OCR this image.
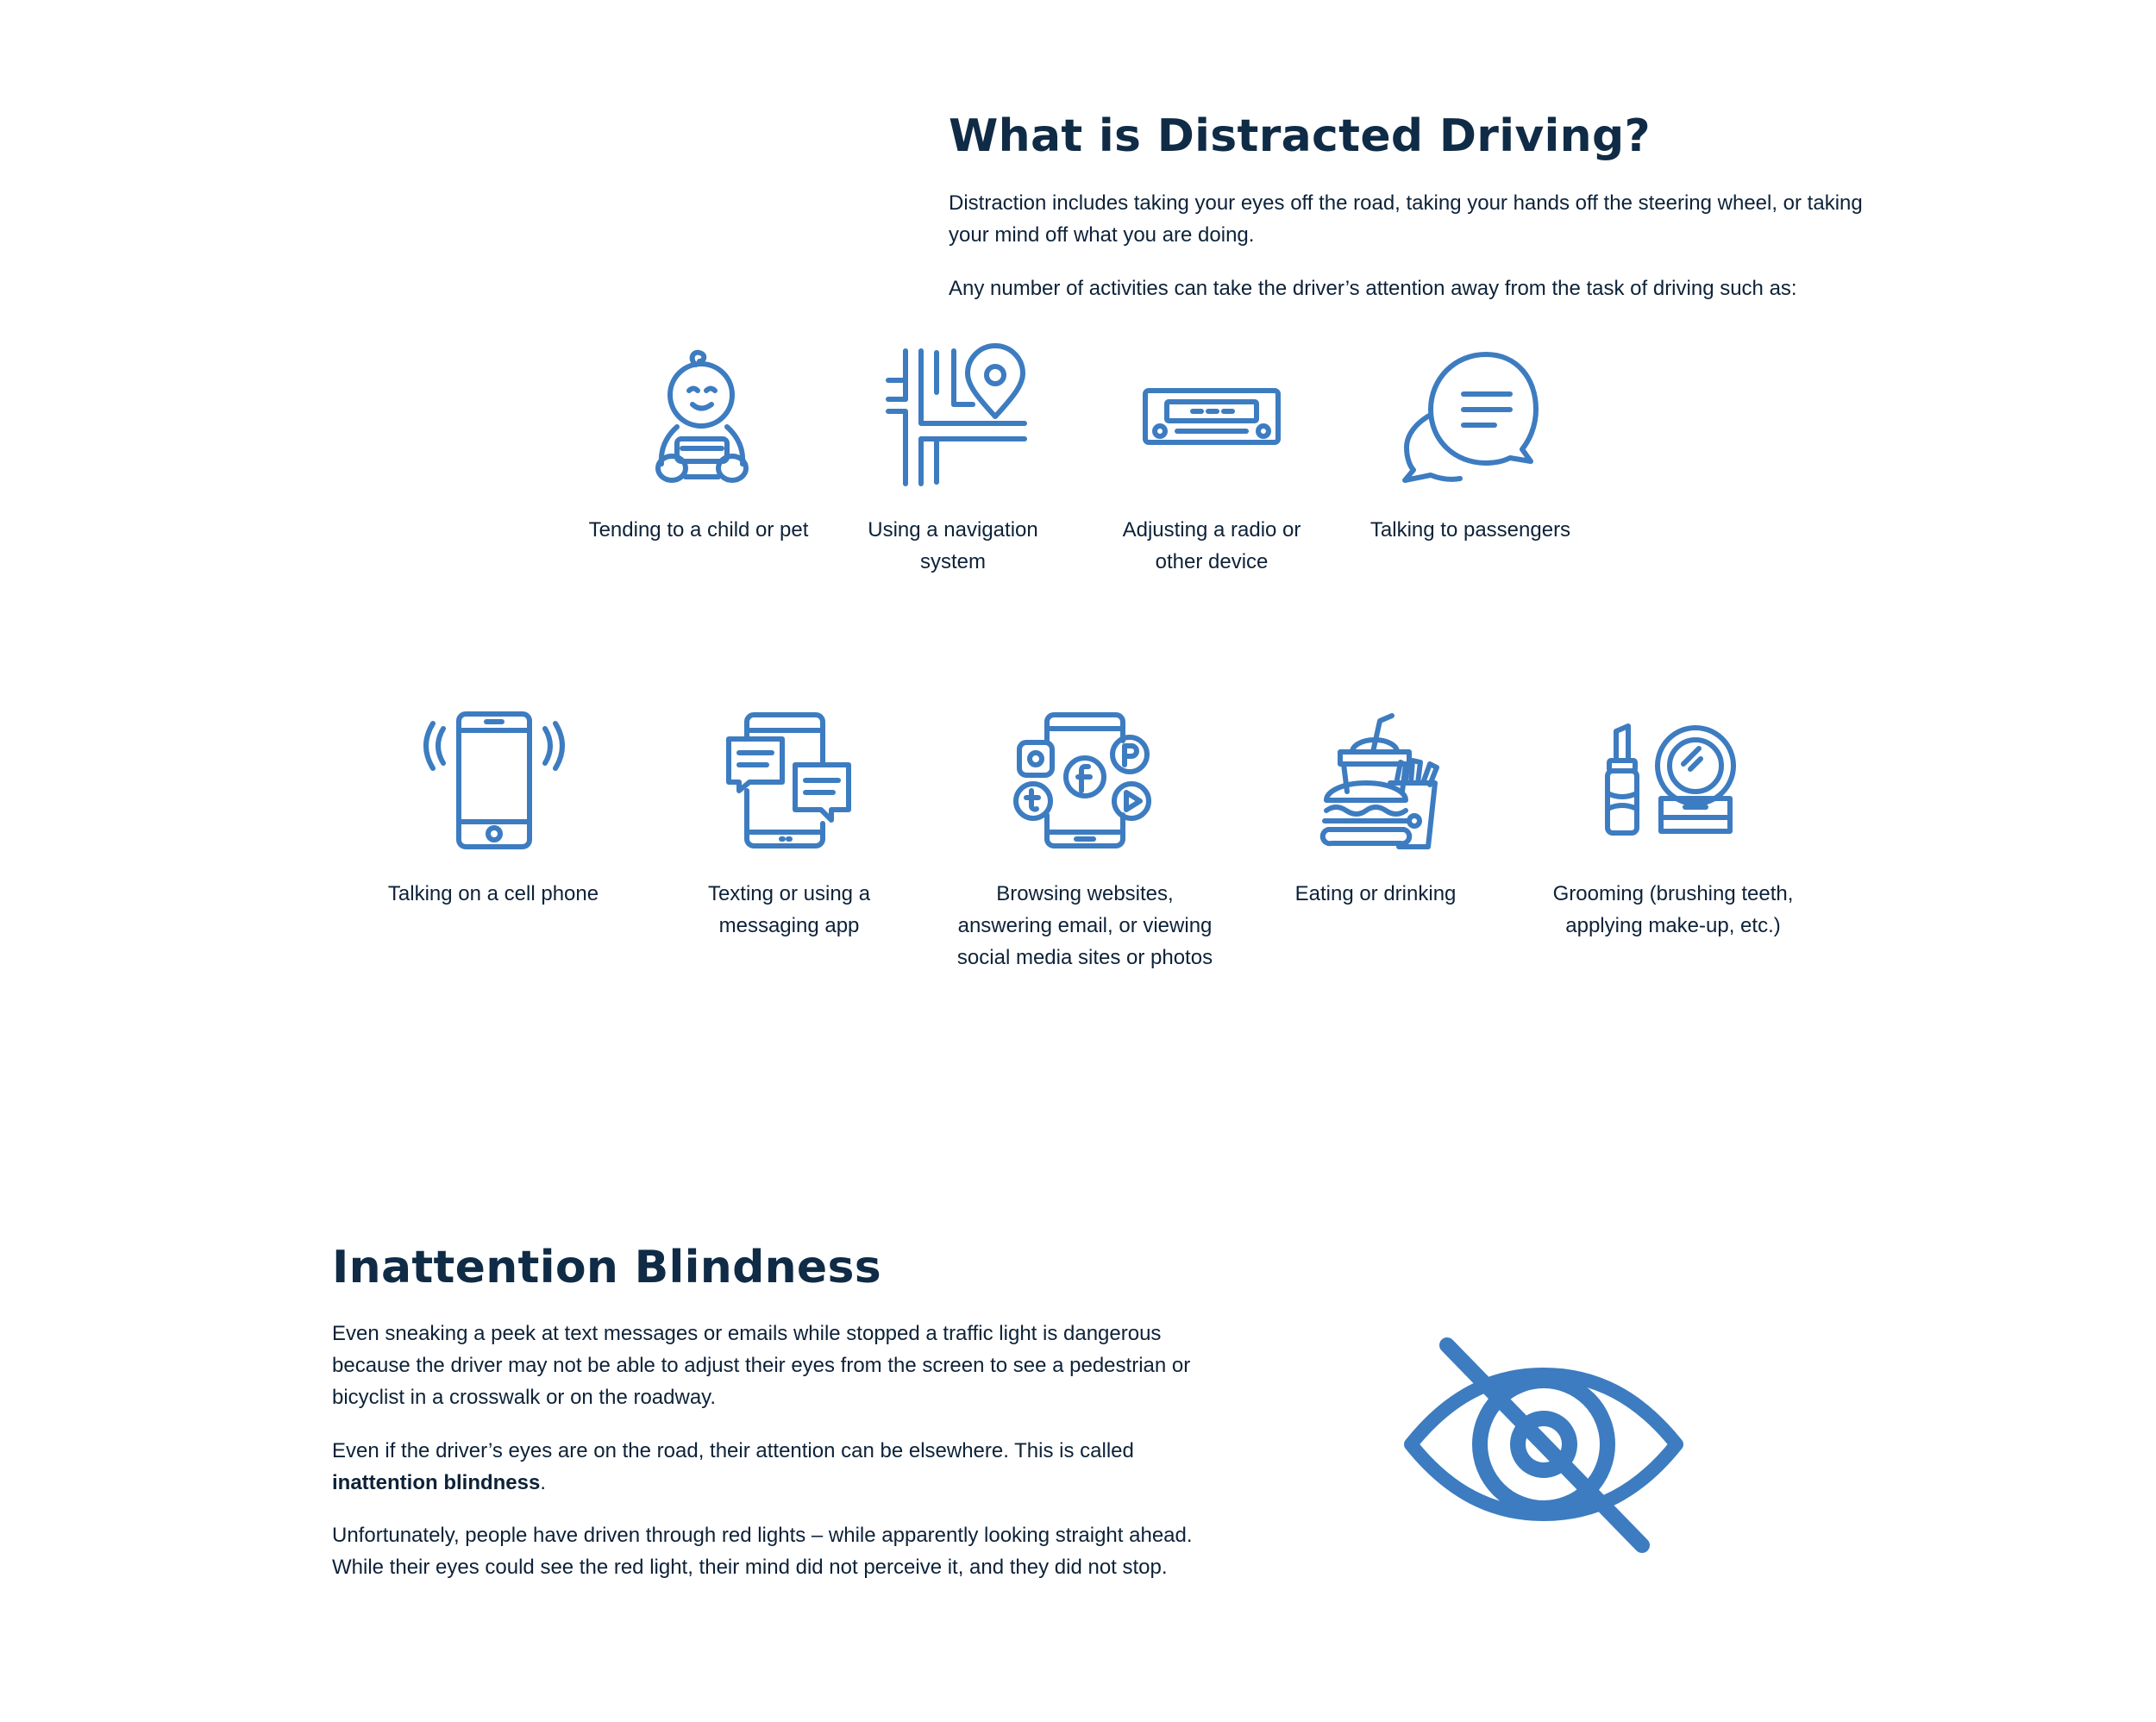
What is Distracted Driving?

Distraction includes taking your eyes off the road, taking your hands off the steering wheel, or taking your mind off what you are doing.

Any number of activities can take the driver’s attention away from the task of driving such as:

Tending to a child or pet	Using a navigation system
Adjusting a radio or other device
Talking to passengers
Talking on a cell phone	Texting or using a messaging app
Browsing websites, answering email, or viewing social media sites or photos
Eating or drinking	Grooming (brushing teeth, applying make-up, etc.)
Inattention Blindness

Even sneaking a peek at text messages or emails while stopped a traffic light is dangerous because the driver may not be able to adjust their eyes from the screen to see a pedestrian or bicyclist in a crosswalk or on the roadway.

Even if the driver’s eyes are on the road, their attention can be elsewhere. This is called inattention blindness.

Unfortunately, people have driven through red lights – while apparently looking straight ahead. While their eyes could see the red light, their mind did not perceive it, and they did not stop.
